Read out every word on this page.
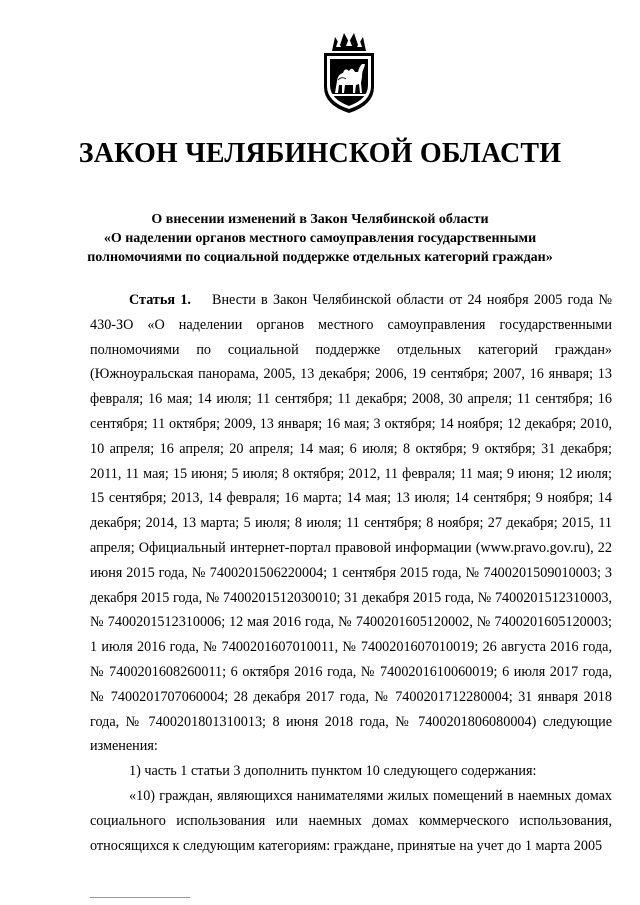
ЗАКОН ЧЕЛЯБИНСКОЙ ОБЛАСТИ
О внесении изменений в Закон Челябинской области
«О наделении органов местного самоуправления государственными
полномочиями по социальной поддержке отдельных категорий граждан»

Статья 1. Внести в Закон Челябинской области от 24 ноября 2005 года № 430-ЗО «О наделении органов местного самоуправления государственными полномочиями по социальной поддержке отдельных категорий граждан» (Южноуральская панорама, 2005, 13 декабря; 2006, 19 сентября; 2007, 16 января; 13 февраля; 16 мая; 14 июля; 11 сентября; 11 декабря; 2008, 30 апреля; 11 сентября; 16 сентября; 11 октября; 2009, 13 января; 16 мая; 3 октября; 14 ноября; 12 декабря; 2010, 10 апреля; 16 апреля; 20 апреля; 14 мая; 6 июля; 8 октября; 9 октября; 31 декабря; 2011, 11 мая; 15 июня; 5 июля; 8 октября; 2012, 11 февраля; 11 мая; 9 июня; 12 июля; 15 сентября; 2013, 14 февраля; 16 марта; 14 мая; 13 июля; 14 сентября; 9 ноября; 14 декабря; 2014, 13 марта; 5 июля; 8 июля; 11 сентября; 8 ноября; 27 декабря; 2015, 11 апреля; Официальный интернет-портал правовой информации (www.pravo.gov.ru), 22 июня 2015 года, № 7400201506220004; 1 сентября 2015 года, № 7400201509010003; 3 декабря 2015 года, № 7400201512030010; 31 декабря 2015 года, № 7400201512310003, № 7400201512310006; 12 мая 2016 года, № 7400201605120002, № 7400201605120003; 1 июля 2016 года, № 7400201607010011, № 7400201607010019; 26 августа 2016 года, № 7400201608260011; 6 октября 2016 года, № 7400201610060019; 6 июля 2017 года, № 7400201707060004; 28 декабря 2017 года, № 7400201712280004; 31 января 2018 года, № 7400201801310013; 8 июня 2018 года, № 7400201806080004) следующие изменения:

1) часть 1 статьи 3 дополнить пунктом 10 следующего содержания:

«10) граждан, являющихся нанимателями жилых помещений в наемных домах социального использования или наемных домах коммерческого использования, относящихся к следующим категориям: граждане, принятые на учет до 1 марта 2005
